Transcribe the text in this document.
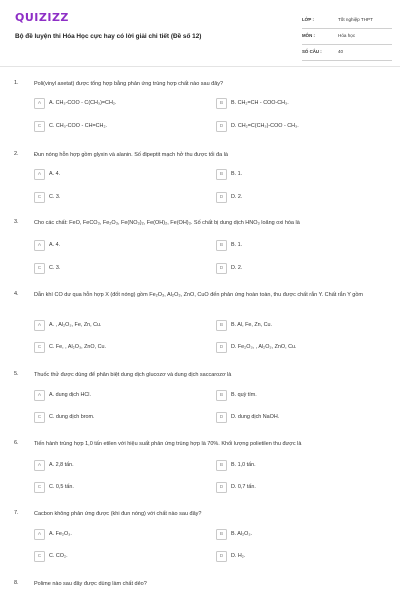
QUIZIZZ
Bộ đề luyện thi Hóa Học cực hay có lời giải chi tiết (Đề số 12)
LỚP :	Tốt nghiệp THPT
MÔN :	Hóa học
SỐ CÂU :	40
1.	Poli(vinyl axetat) được tổng hợp bằng phản ứng trùng hợp chất nào sau đây?
A	A. CH₃-COO - C(CH₃)=CH₂.	B	B. CH₂=CH - COO-CH₃.
C	C. CH₃-COO - CH=CH₂.	D	D. CH₂=C(CH₃)-COO - CH₃.
2.	Đun nóng hỗn hợp gồm glyxin và alanin. Số đipeptit mạch hở thu được tối đa là
A	A. 4.	B	B. 1.
C	C. 3.	D	D. 2.
3.	Cho các chất: FeO, FeCO₃, Fe₂O₃, Fe(NO₃)₂, Fe(OH)₂, Fe(OH)₃. Số chất bị dung dịch HNO₃ loãng oxi hóa là
A	A. 4.	B	B. 1.
C	C. 3.	D	D. 2.
4.	Dẫn khí CO dư qua hỗn hợp X (đốt nóng) gồm Fe₂O₃, Al₂O₃, ZnO, CuO đến phản ứng hoàn toàn, thu được chất rắn Y. Chất rắn Y gồm
A	A. , Al₂O₃, Fe, Zn, Cu.	B	B. Al, Fe, Zn, Cu.
C	C. Fe, , Al₂O₃, ZnO, Cu.	D	D. Fe₂O₃, , Al₂O₃, ZnO, Cu.
5.	Thuốc thử được dùng để phân biệt dung dịch glucozơ và dung dịch saccarozơ là
A	A. dung dịch HCl.	B	B. quỳ tím.
C	C. dung dịch brom.	D	D. dung dịch NaOH.
6.	Tiến hành trùng hợp 1,0 tấn etilen với hiệu suất phản ứng trùng hợp là 70%. Khối lượng polietilen thu được là
A	A. 2,8 tấn.	B	B. 1,0 tấn.
C	C. 0,5 tấn.	D	D. 0,7 tấn.
7.	Cacbon không phản ứng được (khi đun nóng) với chất nào sau đây?
A	A. Fe₂O₃.	B	B. Al₂O₃.
C	C. CO₂.	D	D. H₂.
8.	Polime nào sau đây được dùng làm chất dẻo?
